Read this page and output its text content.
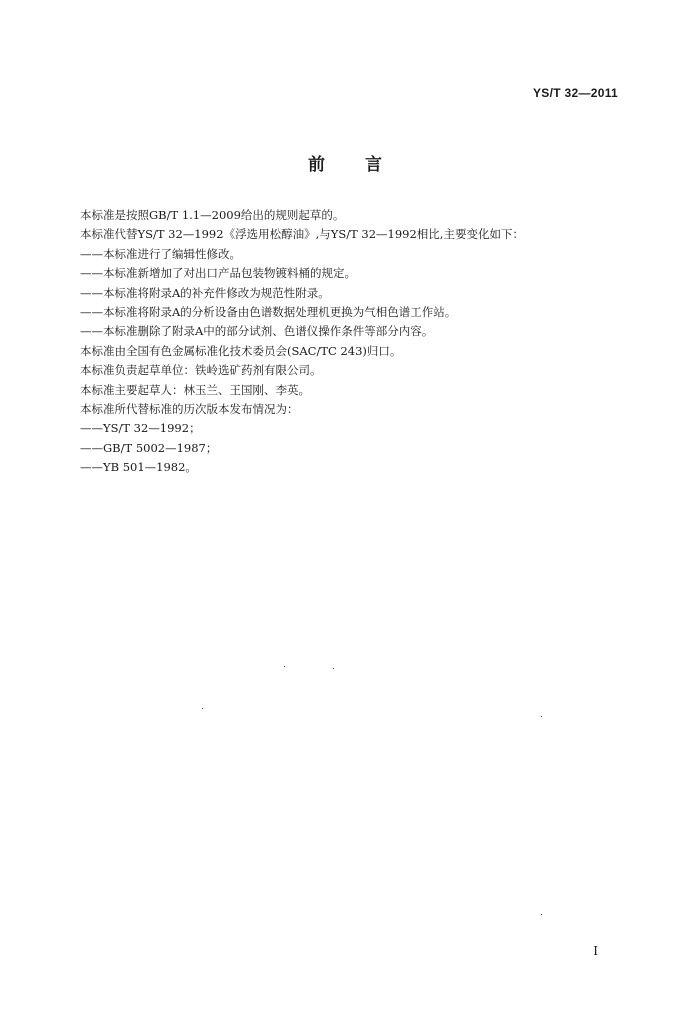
YS/T 32—2011
前言

本标准是按照GB/T 1.1—2009给出的规则起草的。

本标准代替YS/T 32—1992《浮选用松醇油》,与YS/T 32—1992相比,主要变化如下：

——本标准进行了编辑性修改。

——本标准新增加了对出口产品包装物镀料桶的规定。

——本标准将附录A的补充件修改为规范性附录。

——本标准将附录A的分析设备由色谱数据处理机更换为气相色谱工作站。

——本标准删除了附录A中的部分试剂、色谱仪操作条件等部分内容。

本标准由全国有色金属标准化技术委员会(SAC/TC 243)归口。

本标准负责起草单位：铁岭选矿药剂有限公司。

本标准主要起草人：林玉兰、王国刚、李英。

本标准所代替标准的历次版本发布情况为：

——YS/T 32—1992；

——GB/T 5002—1987；

——YB 501—1982。

I
